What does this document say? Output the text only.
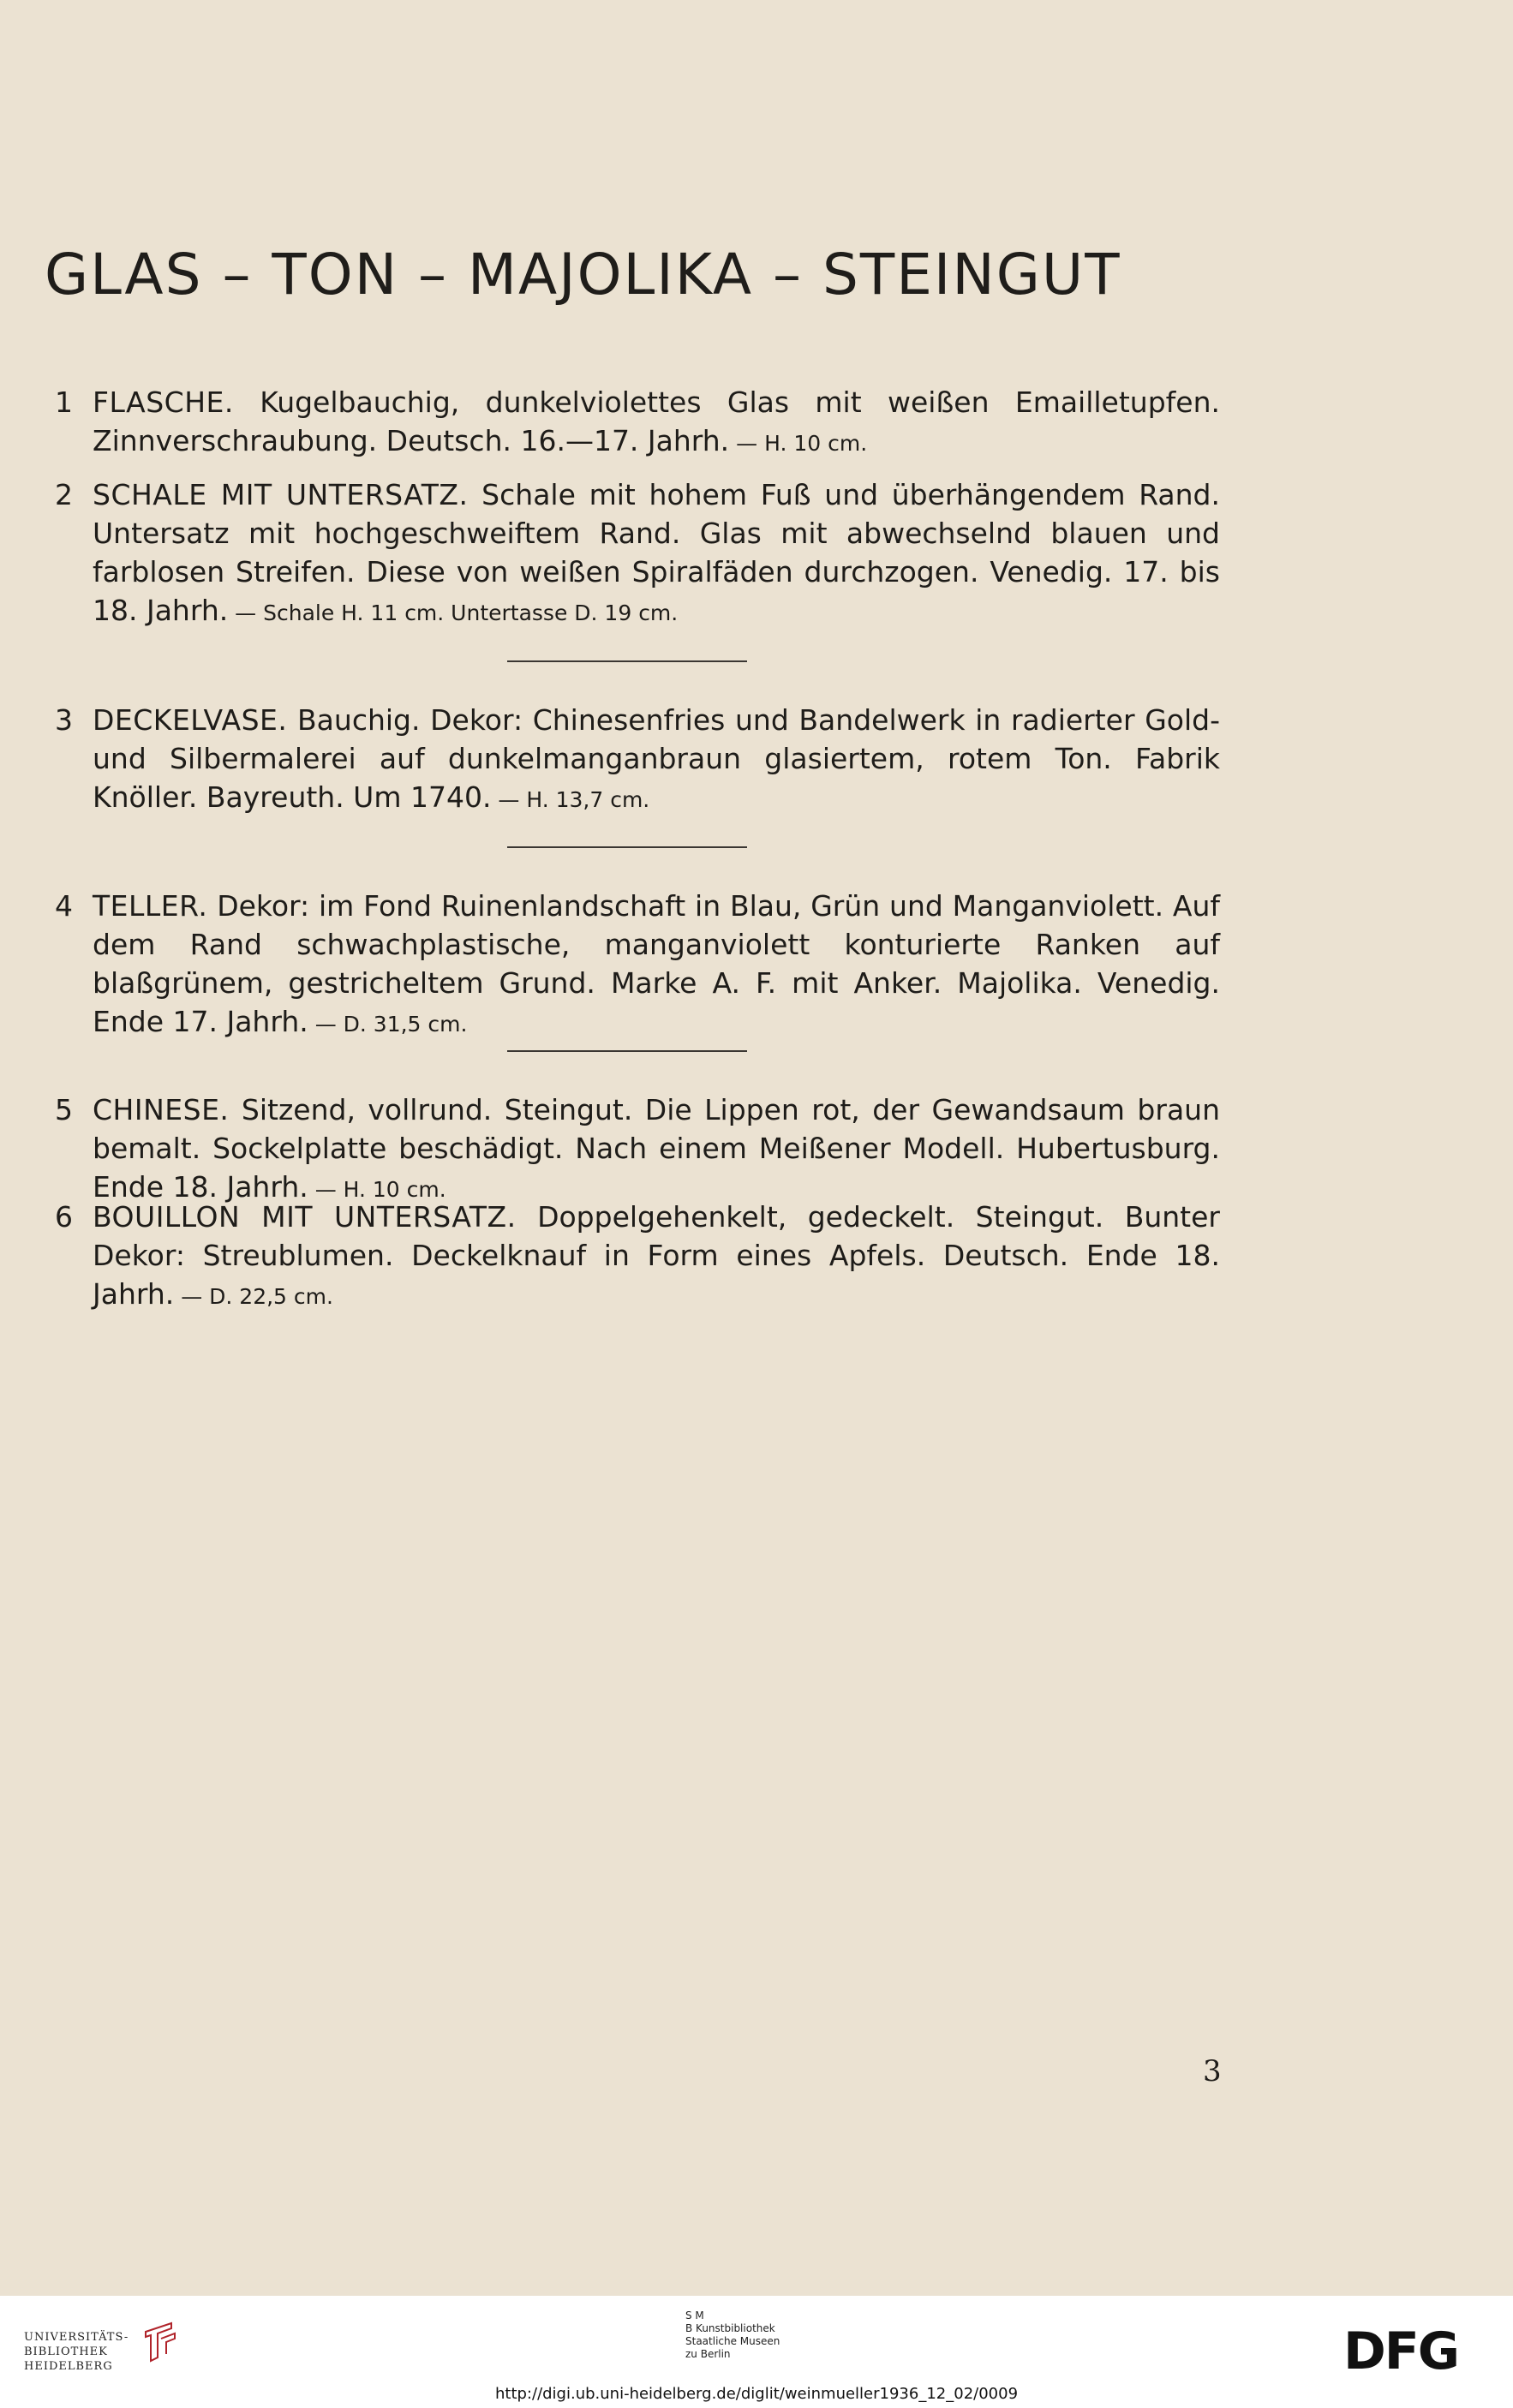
GLAS – TON – MAJOLIKA – STEINGUT
1 FLASCHE. Kugelbauchig, dunkelviolettes Glas mit weißen Emailletupfen. Zinnverschraubung. Deutsch. 16.—17. Jahrh. — H. 10 cm.
2 SCHALE MIT UNTERSATZ. Schale mit hohem Fuß und überhängendem Rand. Untersatz mit hochgeschweiftem Rand. Glas mit abwechselnd blauen und farblosen Streifen. Diese von weißen Spiralfäden durchzogen. Venedig. 17. bis 18. Jahrh. — Schale H. 11 cm. Untertasse D. 19 cm.
3 DECKELVASE. Bauchig. Dekor: Chinesenfries und Bandelwerk in radierter Gold- und Silbermalerei auf dunkelmanganbraun glasiertem, rotem Ton. Fabrik Knöller. Bayreuth. Um 1740. — H. 13,7 cm.
4 TELLER. Dekor: im Fond Ruinenlandschaft in Blau, Grün und Manganviolett. Auf dem Rand schwachplastische, manganviolett konturierte Ranken auf blaßgrünem, gestricheltem Grund. Marke A. F. mit Anker. Majolika. Venedig. Ende 17. Jahrh. — D. 31,5 cm.
5 CHINESE. Sitzend, vollrund. Steingut. Die Lippen rot, der Gewandsaum braun bemalt. Sockelplatte beschädigt. Nach einem Meißener Modell. Hubertusburg. Ende 18. Jahrh. — H. 10 cm.
6 BOUILLON MIT UNTERSATZ. Doppelgehenkelt, gedeckelt. Steingut. Bunter Dekor: Streublumen. Deckelknauf in Form eines Apfels. Deutsch. Ende 18. Jahrh. — D. 22,5 cm.
3
UNIVERSITÄTS-
BIBLIOTHEK
HEIDELBERG
S M
B Kunstbibliothek
Staatliche Museen
zu Berlin	DFG
http://digi.ub.uni-heidelberg.de/diglit/weinmueller1936_12_02/0009
